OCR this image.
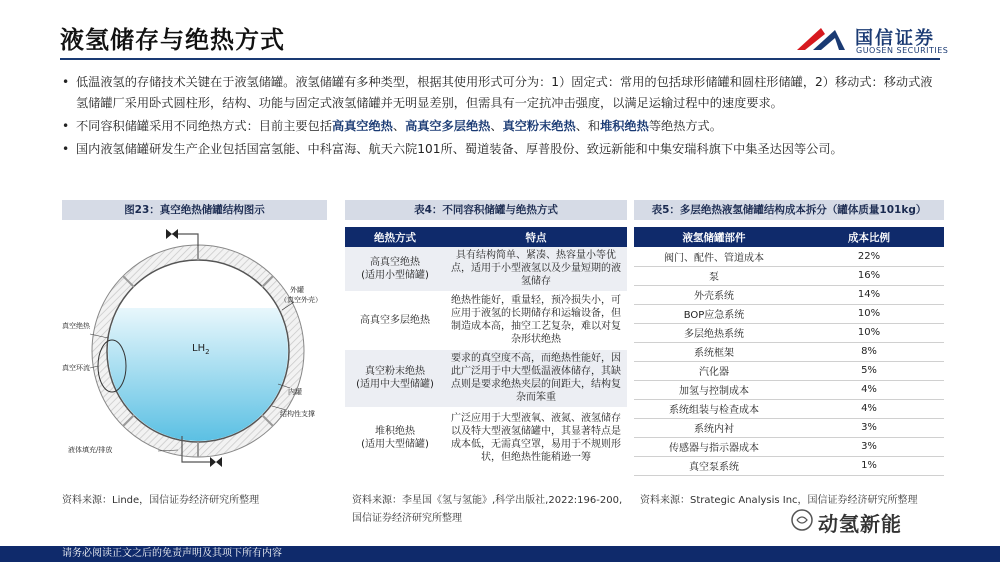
液氢储存与绝热方式	国信证券
GUOSEN SECURITIES
• 低温液氢的存储技术关键在于液氢储罐。液氢储罐有多种类型，根据其使用形式可分为：1）固定式：常用的包括球形储罐和圆柱形储罐，2）移动式：移动式液氢储罐厂采用卧式圆柱形，结构、功能与固定式液氢储罐并无明显差别，但需具有一定抗冲击强度，以满足运输过程中的速度要求。
• 不同容积储罐采用不同绝热方式：目前主要包括高真空绝热、高真空多层绝热、真空粉末绝热、和堆积绝热等绝热方式。
• 国内液氢储罐研发生产企业包括国富氢能、中科富海、航天六院101所、蜀道装备、厚普股份、致远新能和中集安瑞科旗下中集圣达因等公司。
图23：真空绝热储罐结构图示	表4：不同容积储罐与绝热方式	表5：多层绝热液氢储罐结构成本拆分（罐体质量101kg）
外罐
（真空外壳）
真空绝热
真空环流
内罐
结构性支撑
液体填充/排放
$LH_2$
资料来源：Linde，国信证券经济研究所整理
绝热方式	特点

高真空绝热
(适用小型储罐)	具有结构简单、紧凑、热容量小等优点，适用于小型液氢以及少量短期的液氢储存

高真空多层绝热	绝热性能好，重量轻，预冷损失小，可应用于液氢的长期储存和运输设备，但制造成本高，抽空工艺复杂，难以对复杂形状绝热

真空粉末绝热
(适用中大型储罐)	要求的真空度不高，而绝热性能好，因此广泛用于中大型低温液体储存，其缺点则是要求绝热夹层的间距大，结构复杂而笨重

堆积绝热
(适用大型储罐)	广泛应用于大型液氧、液氮、液氢储存以及特大型液氢储罐中，其显著特点是成本低，无需真空罩，易用于不规则形状，但绝热性能稍逊一筹
资料来源：李星国《氢与氢能》,科学出版社,2022:196-200,
国信证券经济研究所整理
液氢储罐部件	成本比例
阀门、配件、管道成本	22%
泵	16%
外壳系统	14%
BOP应急系统	10%
多层绝热系统	10%
系统框架	8%
汽化器	5%
加氢与控制成本	4%
系统组装与检查成本	4%
系统内衬	3%
传感器与指示器成本	3%
真空泵系统	1%
资料来源：Strategic Analysis Inc，国信证券经济研究所整理
动氢新能
请务必阅读正文之后的免责声明及其项下所有内容
